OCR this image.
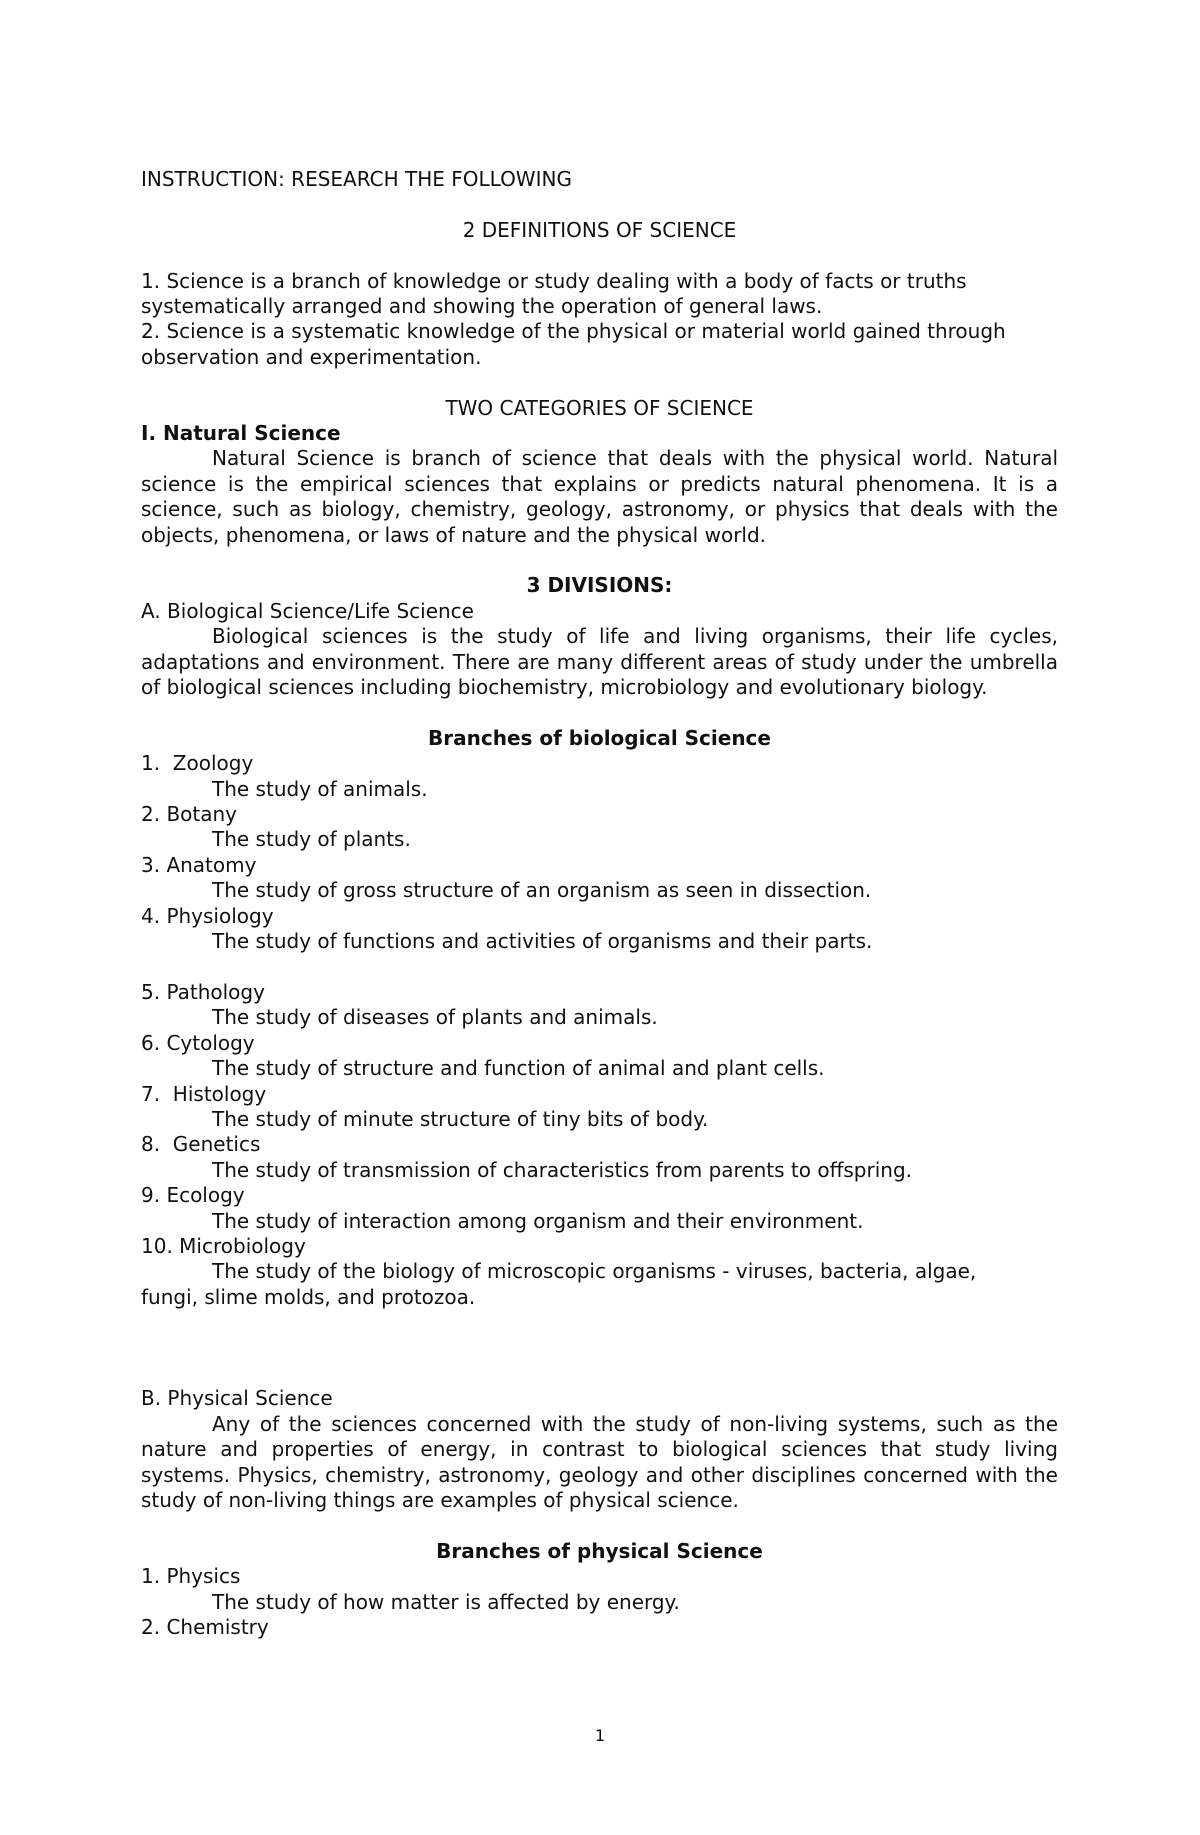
INSTRUCTION: RESEARCH THE FOLLOWING

2 DEFINITIONS OF SCIENCE

1. Science is a branch of knowledge or study dealing with a body of facts or truths systematically arranged and showing the operation of general laws.

2. Science is a systematic knowledge of the physical or material world gained through observation and experimentation.

TWO CATEGORIES OF SCIENCE

I. Natural Science

Natural Science is branch of science that deals with the physical world. Natural science is the empirical sciences that explains or predicts natural phenomena. It is a science, such as biology, chemistry, geology, astronomy, or physics that deals with the objects, phenomena, or laws of nature and the physical world.

3 DIVISIONS:

A. Biological Science/Life Science

Biological sciences is the study of life and living organisms, their life cycles, adaptations and environment. There are many different areas of study under the umbrella of biological sciences including biochemistry, microbiology and evolutionary biology.

Branches of biological Science

1.  Zoology

The study of animals.

2. Botany

The study of plants.

3. Anatomy

The study of gross structure of an organism as seen in dissection.

4. Physiology

The study of functions and activities of organisms and their parts.

5. Pathology

The study of diseases of plants and animals.

6. Cytology

The study of structure and function of animal and plant cells.

7.  Histology

The study of minute structure of tiny bits of body.

8.  Genetics

The study of transmission of characteristics from parents to offspring.

9. Ecology

The study of interaction among organism and their environment.

10. Microbiology

The study of the biology of microscopic organisms - viruses, bacteria, algae,

fungi, slime molds, and protozoa.

B. Physical Science

Any of the sciences concerned with the study of non-living systems, such as the nature and properties of energy, in contrast to biological sciences that study living systems. Physics, chemistry, astronomy, geology and other disciplines concerned with the study of non-living things are examples of physical science.

Branches of physical Science

1. Physics

The study of how matter is affected by energy.

2. Chemistry

1
